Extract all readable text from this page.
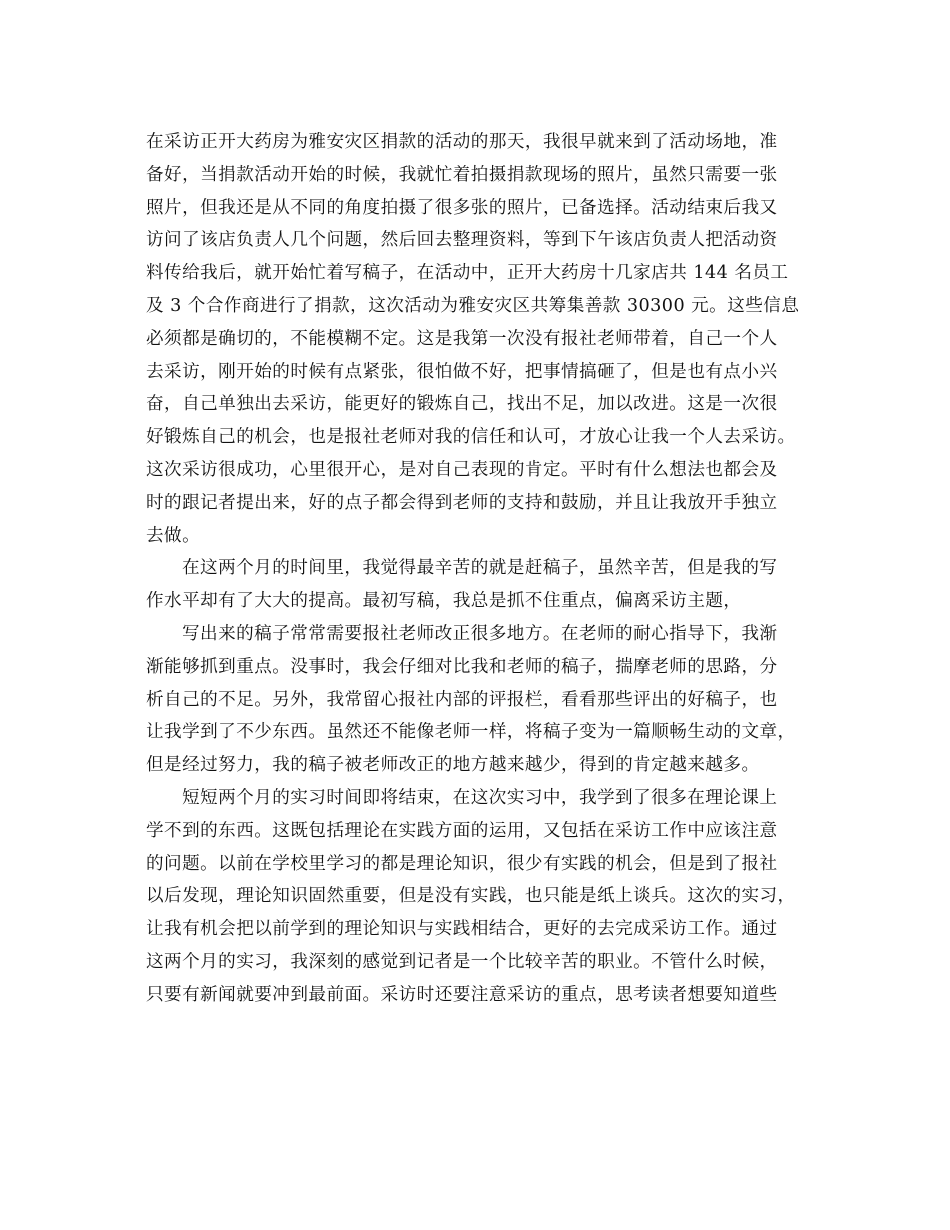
在采访正开大药房为雅安灾区捐款的活动的那天，我很早就来到了活动场地，准
备好，当捐款活动开始的时候，我就忙着拍摄捐款现场的照片，虽然只需要一张
照片，但我还是从不同的角度拍摄了很多张的照片，已备选择。活动结束后我又
访问了该店负责人几个问题，然后回去整理资料，等到下午该店负责人把活动资
料传给我后，就开始忙着写稿子，在活动中，正开大药房十几家店共 144 名员工
及 3 个合作商进行了捐款，这次活动为雅安灾区共筹集善款 30300 元。这些信息
必须都是确切的，不能模糊不定。这是我第一次没有报社老师带着，自己一个人
去采访，刚开始的时候有点紧张，很怕做不好，把事情搞砸了，但是也有点小兴
奋，自己单独出去采访，能更好的锻炼自己，找出不足，加以改进。这是一次很
好锻炼自己的机会，也是报社老师对我的信任和认可，才放心让我一个人去采访。
这次采访很成功，心里很开心，是对自己表现的肯定。平时有什么想法也都会及
时的跟记者提出来，好的点子都会得到老师的支持和鼓励，并且让我放开手独立
去做。
在这两个月的时间里，我觉得最辛苦的就是赶稿子，虽然辛苦，但是我的写
作水平却有了大大的提高。最初写稿，我总是抓不住重点，偏离采访主题，
写出来的稿子常常需要报社老师改正很多地方。在老师的耐心指导下，我渐
渐能够抓到重点。没事时，我会仔细对比我和老师的稿子，揣摩老师的思路，分
析自己的不足。另外，我常留心报社内部的评报栏，看看那些评出的好稿子，也
让我学到了不少东西。虽然还不能像老师一样，将稿子变为一篇顺畅生动的文章，
但是经过努力，我的稿子被老师改正的地方越来越少，得到的肯定越来越多。
短短两个月的实习时间即将结束，在这次实习中，我学到了很多在理论课上
学不到的东西。这既包括理论在实践方面的运用，又包括在采访工作中应该注意
的问题。以前在学校里学习的都是理论知识，很少有实践的机会，但是到了报社
以后发现，理论知识固然重要，但是没有实践，也只能是纸上谈兵。这次的实习，
让我有机会把以前学到的理论知识与实践相结合，更好的去完成采访工作。通过
这两个月的实习，我深刻的感觉到记者是一个比较辛苦的职业。不管什么时候，
只要有新闻就要冲到最前面。采访时还要注意采访的重点，思考读者想要知道些
